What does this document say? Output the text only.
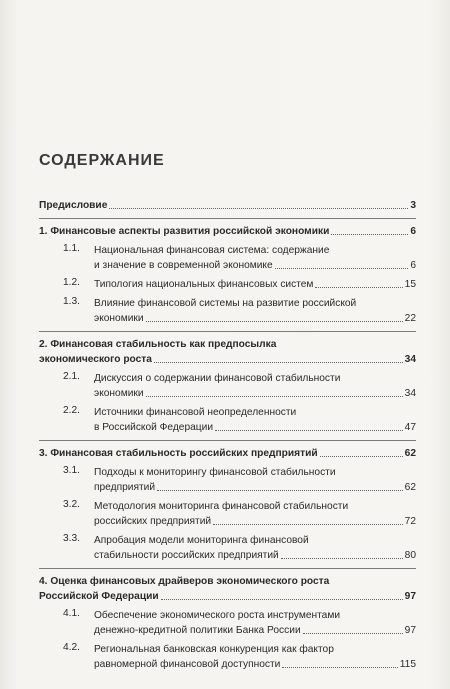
СОДЕРЖАНИЕ
Предисловие	3
1. Финансовые аспекты развития российской экономики	6
1.1. Национальная финансовая система: содержание
и значение в современной экономике	6
1.2. Типология национальных финансовых систем	15
1.3. Влияние финансовой системы на развитие российской
экономики	22
2. Финансовая стабильность как предпосылка
экономического роста	34
2.1. Дискуссия о содержании финансовой стабильности
экономики	34
2.2. Источники финансовой неопределенности
в Российской Федерации	47
3. Финансовая стабильность российских предприятий	62
3.1. Подходы к мониторингу финансовой стабильности
предприятий	62
3.2. Методология мониторинга финансовой стабильности
российских предприятий	72
3.3. Апробация модели мониторинга финансовой
стабильности российских предприятий	80
4. Оценка финансовых драйверов экономического роста
Российской Федерации	97
4.1. Обеспечение экономического роста инструментами
денежно-кредитной политики Банка России	97
4.2. Региональная банковская конкуренция как фактор
равномерной финансовой доступности	115
